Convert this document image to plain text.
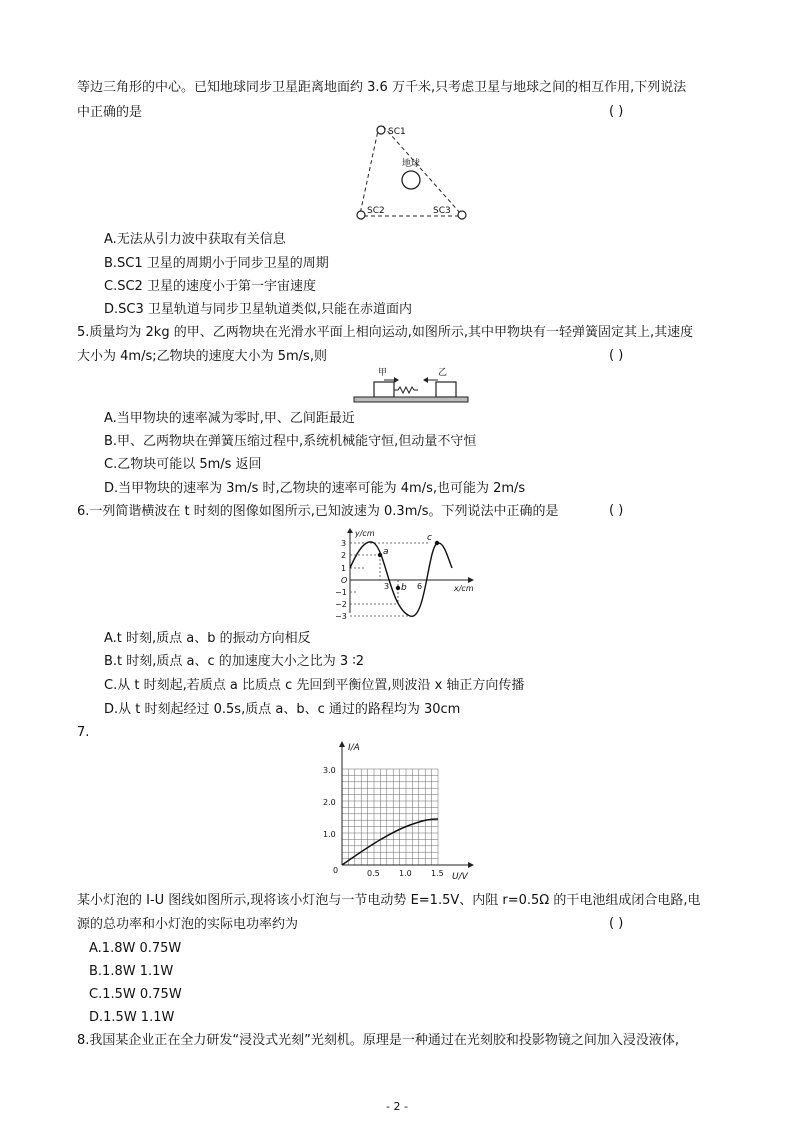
等边三角形的中心。已知地球同步卫星距离地面约 3.6 万千米,只考虑卫星与地球之间的相互作用,下列说法
中正确的是	( )
地球
SC1
SC2	SC3
A.无法从引力波中获取有关信息
B.SC1 卫星的周期小于同步卫星的周期
C.SC2 卫星的速度小于第一宇宙速度
D.SC3 卫星轨道与同步卫星轨道类似,只能在赤道面内
5.质量均为 2kg 的甲、乙两物块在光滑水平面上相向运动,如图所示,其中甲物块有一轻弹簧固定其上,其速度
大小为 4m/s;乙物块的速度大小为 5m/s,则	( )
甲	乙
A.当甲物块的速率减为零时,甲、乙间距最近
B.甲、乙两物块在弹簧压缩过程中,系统机械能守恒,但动量不守恒
C.乙物块可能以 5m/s 返回
D.当甲物块的速率为 3m/s 时,乙物块的速率可能为 4m/s,也可能为 2m/s
6.一列简谐横波在 t 时刻的图像如图所示,已知波速为 0.3m/s。下列说法中正确的是	( )
a
b
c
3
2
1
−1
−2
−3
3	6
O
y/cm
x/cm
A.t 时刻,质点 a、b 的振动方向相反
B.t 时刻,质点 a、c 的加速度大小之比为 3 ∶2
C.从 t 时刻起,若质点 a 比质点 c 先回到平衡位置,则波沿 x 轴正方向传播
D.从 t 时刻起经过 0.5s,质点 a、b、c 通过的路程均为 30cm
7.
I/A
U/V
0
1.0
2.0
3.0
0.5 1.0 1.5
某小灯泡的 I-U 图线如图所示,现将该小灯泡与一节电动势 E=1.5V、内阻 r=0.5Ω 的干电池组成闭合电路,电
源的总功率和小灯泡的实际电功率约为	( )
A.1.8W 0.75W
B.1.8W 1.1W
C.1.5W 0.75W
D.1.5W 1.1W
8.我国某企业正在全力研发“浸没式光刻”光刻机。原理是一种通过在光刻胶和投影物镜之间加入浸没液体,
- 2 -
